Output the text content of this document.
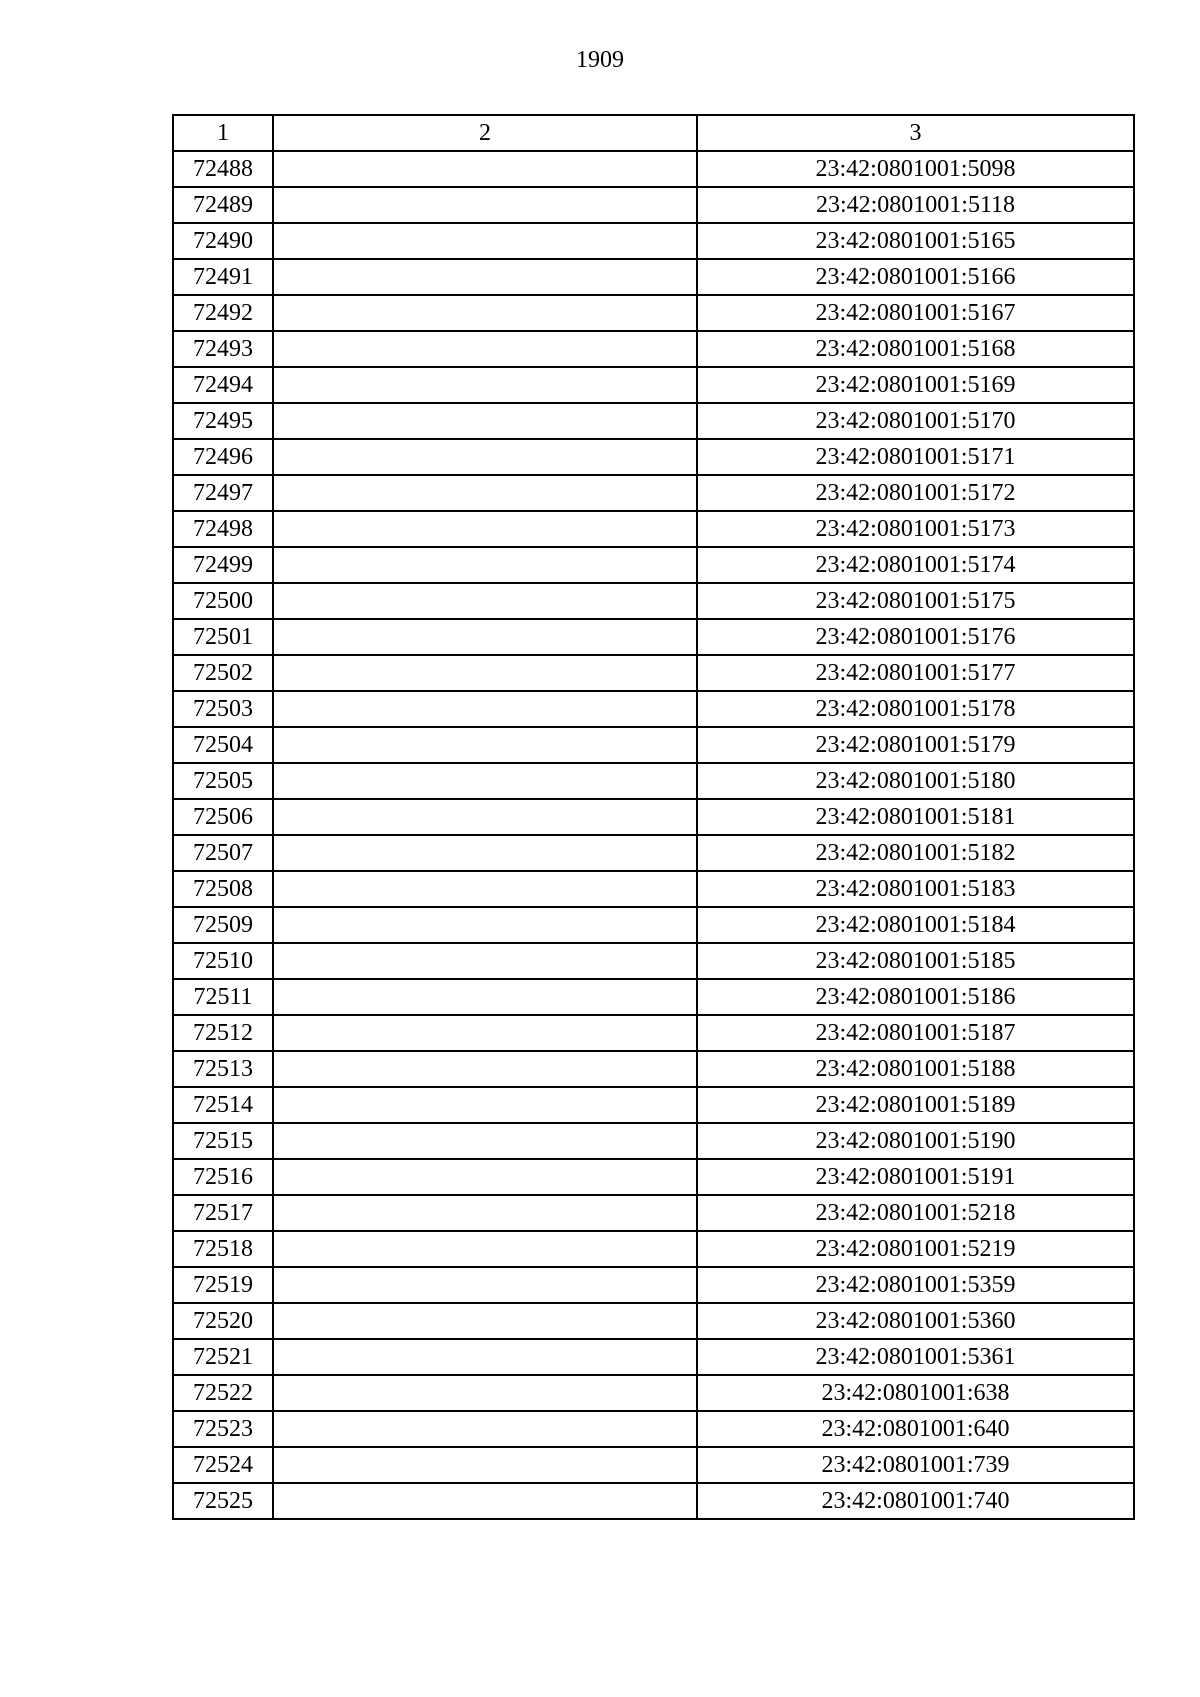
1909
1	2	3
72488		23:42:0801001:5098
72489		23:42:0801001:5118
72490		23:42:0801001:5165
72491		23:42:0801001:5166
72492		23:42:0801001:5167
72493		23:42:0801001:5168
72494		23:42:0801001:5169
72495		23:42:0801001:5170
72496		23:42:0801001:5171
72497		23:42:0801001:5172
72498		23:42:0801001:5173
72499		23:42:0801001:5174
72500		23:42:0801001:5175
72501		23:42:0801001:5176
72502		23:42:0801001:5177
72503		23:42:0801001:5178
72504		23:42:0801001:5179
72505		23:42:0801001:5180
72506		23:42:0801001:5181
72507		23:42:0801001:5182
72508		23:42:0801001:5183
72509		23:42:0801001:5184
72510		23:42:0801001:5185
72511		23:42:0801001:5186
72512		23:42:0801001:5187
72513		23:42:0801001:5188
72514		23:42:0801001:5189
72515		23:42:0801001:5190
72516		23:42:0801001:5191
72517		23:42:0801001:5218
72518		23:42:0801001:5219
72519		23:42:0801001:5359
72520		23:42:0801001:5360
72521		23:42:0801001:5361
72522		23:42:0801001:638
72523		23:42:0801001:640
72524		23:42:0801001:739
72525		23:42:0801001:740
